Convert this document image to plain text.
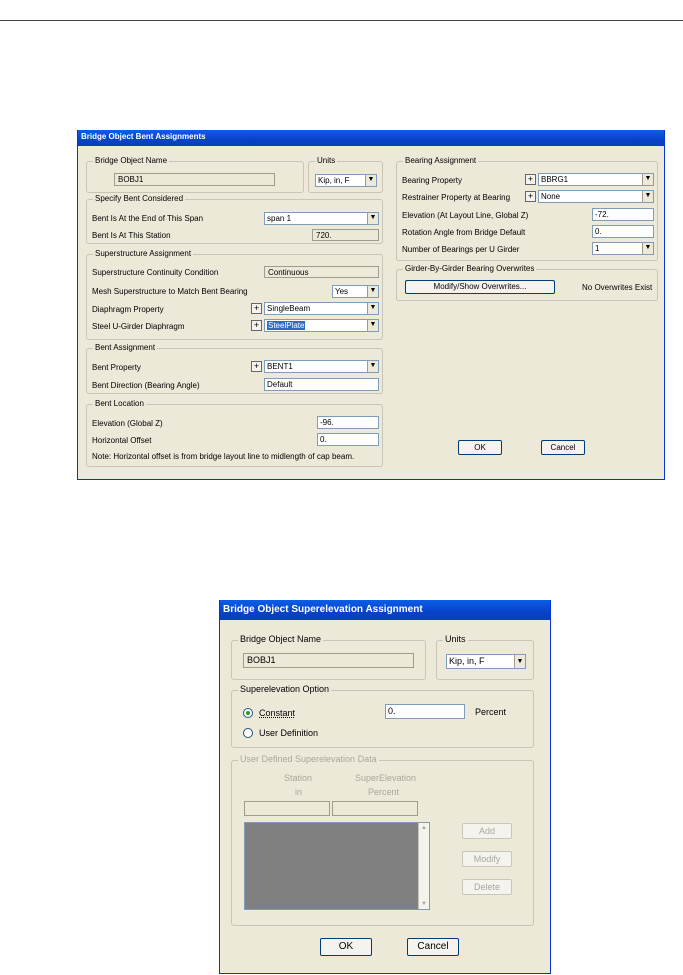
Bridge Object Bent Assignments
Bridge Object Name
BOBJ1
Units
Kip, in, F	▼
Specify Bent Considered
Bent Is At the End of This Span	span 1	▼
Bent Is At This Station	720.
Superstructure Assignment
Superstructure Continuity Condition	Continuous
Mesh Superstructure to Match Bent Bearing	Yes	▼
Diaphragm Property	+ SingleBeam	▼
Steel U-Girder Diaphragm	+	SteelPlate	▼
Bent Assignment
Bent Property	+ BENT1	▼
Bent Direction (Bearing Angle)	Default
Bent Location
Elevation (Global Z)	-96.
Horizontal Offset	0.
Note: Horizontal offset is from bridge layout line to midlength of cap beam.
Bearing Assignment
Bearing Property	+ BBRG1	▼
Restrainer Property at Bearing	+ None	▼
Elevation (At Layout Line, Global Z)	-72.
Rotation Angle from Bridge Default	0.
Number of Bearings per U Girder	1	▼
Girder-By-Girder Bearing Overwrites
Modify/Show Overwrites...	No Overwrites Exist
OK	Cancel
Bridge Object Superelevation Assignment
Bridge Object Name
BOBJ1
Units
Kip, in, F	▼
Superelevation Option
Constant	0.	Percent
User Definition
User Defined Superelevation Data
Station
in
SuperElevation
Percent
▲
▼
Add
Modify
Delete
OK	Cancel
